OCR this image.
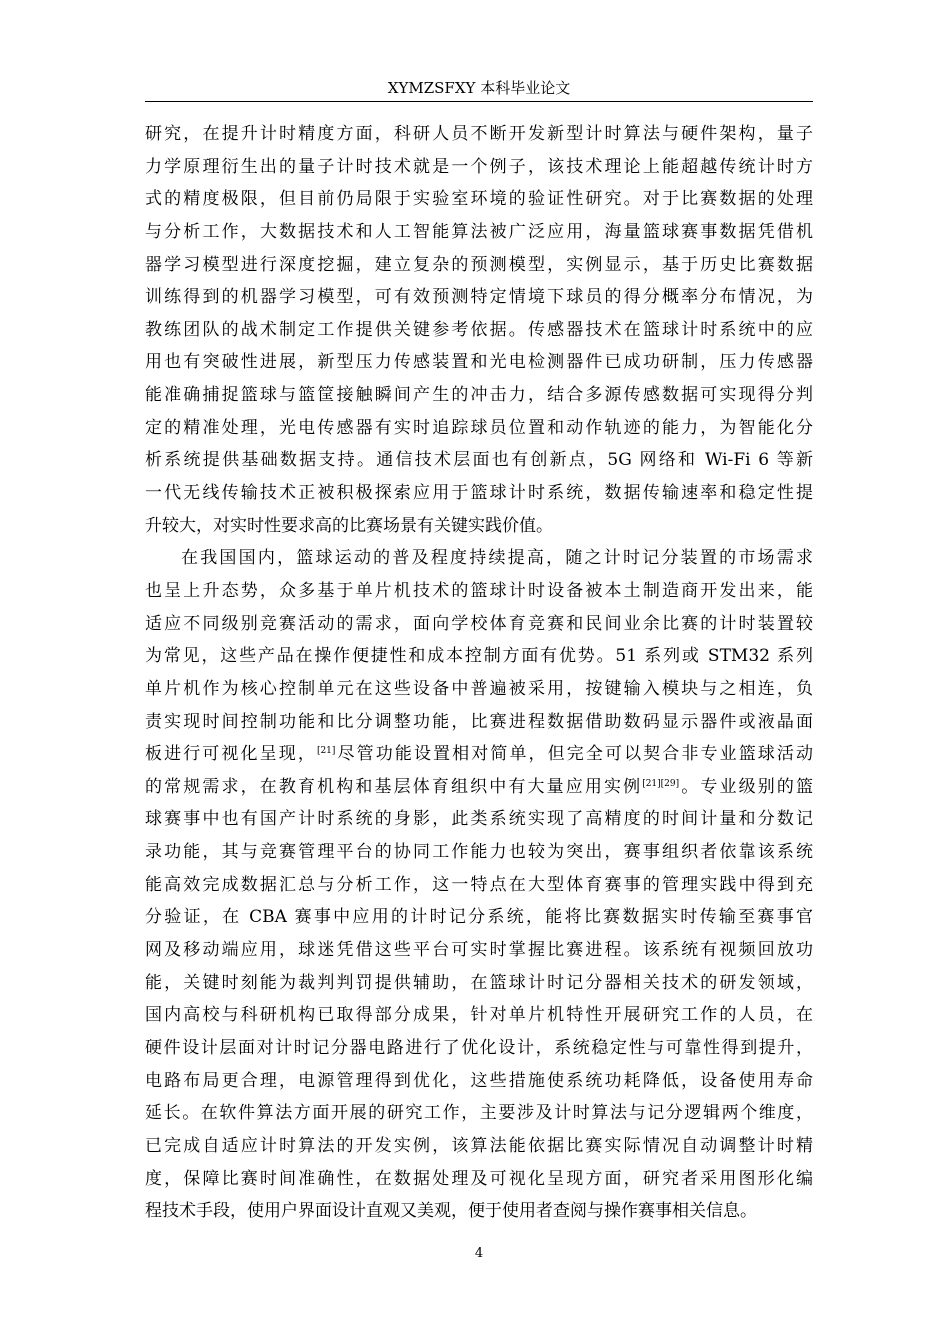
XYMZSFXY 本科毕业论文
研究，在提升计时精度方面，科研人员不断开发新型计时算法与硬件架构，量子
力学原理衍生出的量子计时技术就是一个例子，该技术理论上能超越传统计时方
式的精度极限，但目前仍局限于实验室环境的验证性研究。对于比赛数据的处理
与分析工作，大数据技术和人工智能算法被广泛应用，海量篮球赛事数据凭借机
器学习模型进行深度挖掘，建立复杂的预测模型，实例显示，基于历史比赛数据
训练得到的机器学习模型，可有效预测特定情境下球员的得分概率分布情况，为
教练团队的战术制定工作提供关键参考依据。传感器技术在篮球计时系统中的应
用也有突破性进展，新型压力传感装置和光电检测器件已成功研制，压力传感器
能准确捕捉篮球与篮筐接触瞬间产生的冲击力，结合多源传感数据可实现得分判
定的精准处理，光电传感器有实时追踪球员位置和动作轨迹的能力，为智能化分
析系统提供基础数据支持。通信技术层面也有创新点，5G 网络和 Wi-Fi 6 等新
一代无线传输技术正被积极探索应用于篮球计时系统，数据传输速率和稳定性提
升较大，对实时性要求高的比赛场景有关键实践价值。
在我国国内，篮球运动的普及程度持续提高，随之计时记分装置的市场需求
也呈上升态势，众多基于单片机技术的篮球计时设备被本土制造商开发出来，能
适应不同级别竞赛活动的需求，面向学校体育竞赛和民间业余比赛的计时装置较
为常见，这些产品在操作便捷性和成本控制方面有优势。51 系列或 STM32 系列
单片机作为核心控制单元在这些设备中普遍被采用，按键输入模块与之相连，负
责实现时间控制功能和比分调整功能，比赛进程数据借助数码显示器件或液晶面
板进行可视化呈现，[21]尽管功能设置相对简单，但完全可以契合非专业篮球活动
的常规需求，在教育机构和基层体育组织中有大量应用实例[21][29]。专业级别的篮
球赛事中也有国产计时系统的身影，此类系统实现了高精度的时间计量和分数记
录功能，其与竞赛管理平台的协同工作能力也较为突出，赛事组织者依靠该系统
能高效完成数据汇总与分析工作，这一特点在大型体育赛事的管理实践中得到充
分验证，在 CBA 赛事中应用的计时记分系统，能将比赛数据实时传输至赛事官
网及移动端应用，球迷凭借这些平台可实时掌握比赛进程。该系统有视频回放功
能，关键时刻能为裁判判罚提供辅助，在篮球计时记分器相关技术的研发领域，
国内高校与科研机构已取得部分成果，针对单片机特性开展研究工作的人员，在
硬件设计层面对计时记分器电路进行了优化设计，系统稳定性与可靠性得到提升，
电路布局更合理，电源管理得到优化，这些措施使系统功耗降低，设备使用寿命
延长。在软件算法方面开展的研究工作，主要涉及计时算法与记分逻辑两个维度，
已完成自适应计时算法的开发实例，该算法能依据比赛实际情况自动调整计时精
度，保障比赛时间准确性，在数据处理及可视化呈现方面，研究者采用图形化编
程技术手段，使用户界面设计直观又美观，便于使用者查阅与操作赛事相关信息。
4
